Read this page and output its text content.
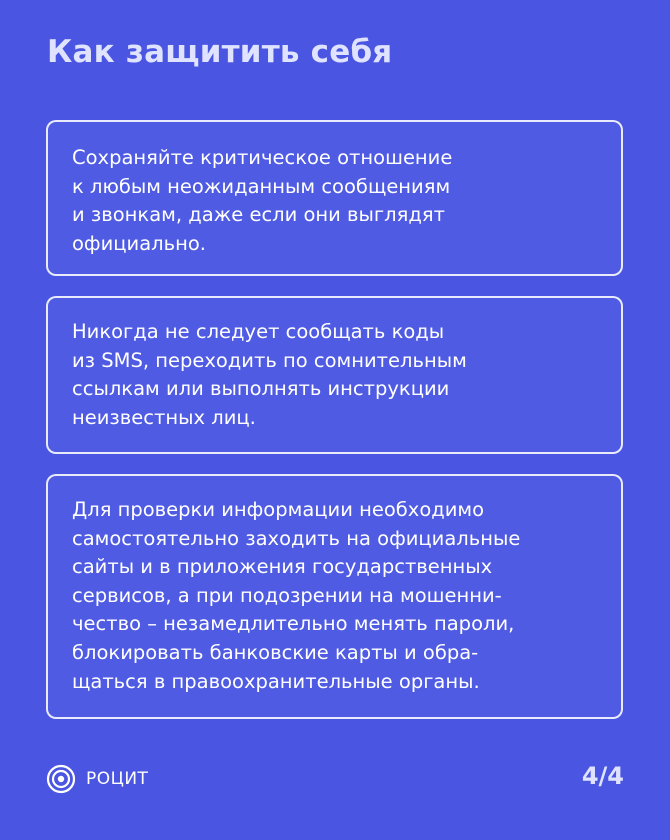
Как защитить себя

Сохраняйте критическое отношение
к любым неожиданным сообщениям
и звонкам, даже если они выглядят
официально.

Никогда не следует сообщать коды
из SMS, переходить по сомнительным
ссылкам или выполнять инструкции
неизвестных лиц.

Для проверки информации необходимо
самостоятельно заходить на официальные
сайты и в приложения государственных
сервисов, а при подозрении на мошенни-
чество – незамедлительно менять пароли,
блокировать банковские карты и обра-
щаться в правоохранительные органы.

РОЦИТ	4/4
